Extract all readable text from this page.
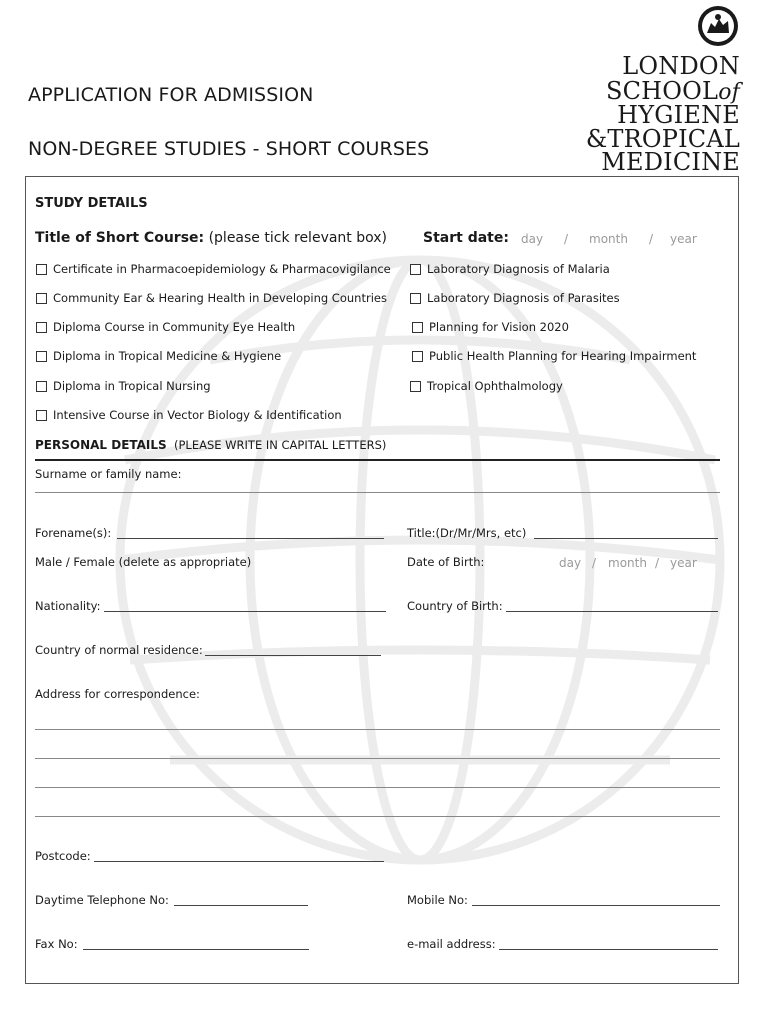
APPLICATION FOR ADMISSION
NON-DEGREE STUDIES - SHORT COURSES
LONDON
SCHOOLof
HYGIENE
&TROPICAL
MEDICINE
STUDY DETAILS
Title of Short Course: (please tick relevant box)	Start date: day / month / year
Certificate in Pharmacoepidemiology & Pharmacovigilance
Community Ear & Hearing Health in Developing Countries
Diploma Course in Community Eye Health
Diploma in Tropical Medicine & Hygiene
Diploma in Tropical Nursing
Intensive Course in Vector Biology & Identification
Laboratory Diagnosis of Malaria
Laboratory Diagnosis of Parasites
Planning for Vision 2020
Public Health Planning for Hearing Impairment
Tropical Ophthalmology
PERSONAL DETAILS (PLEASE WRITE IN CAPITAL LETTERS)
Surname or family name:
Forename(s):	Title:(Dr/Mr/Mrs, etc)
Male / Female (delete as appropriate)	Date of Birth:	day / month / year
Nationality:	Country of Birth:
Country of normal residence:
Address for correspondence:
Postcode:
Daytime Telephone No:	Mobile No:
Fax No:	e-mail address:
